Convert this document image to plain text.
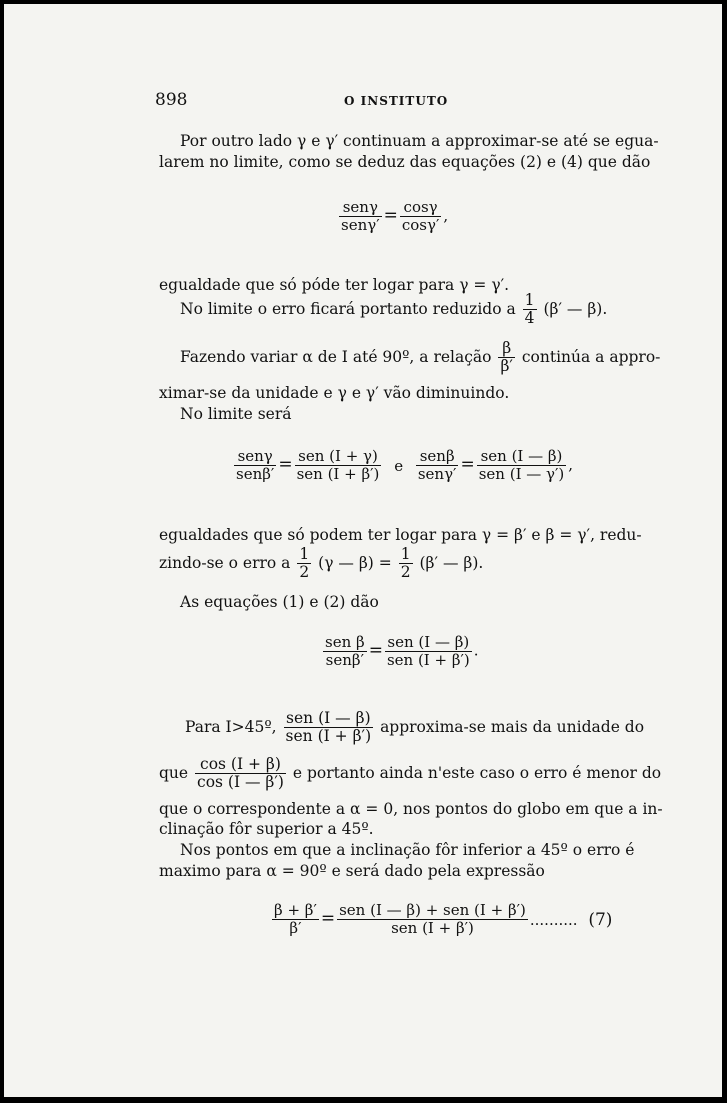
898	O INSTITUTO
Por outro lado γ e γ′ continuam a approximar-se até se egua-
larem no limite, como se deduz das equações (2) e (4) que dão
$\frac{\text{senγ}}{\text{senγ′}} = \frac{\cos\gamma}{\cos\gamma'}$ ,
egualdade que só póde ter logar para γ = γ′.
No limite o erro ficará portanto reduzido a $\frac{1}{4} (\beta'$ — β).
Fazendo variar α de I até 90º, a relação $\frac{\beta}{\beta'}$ continúa a appro-
ximar-se da unidade e γ e γ′ vão diminuindo.
No limite será
$\frac{\text{senγ}}{\text{senβ′}} = \frac{\text{sen (I + γ)}}{\text{sen (I + β′)}}$ e $\frac{\text{senβ}}{\text{senγ′}} = \frac{\text{sen (I — β)}}{\text{sen (I — γ′)}}$ ,
egualdades que só podem ter logar para γ = β′ e β = γ′, redu-
zindo-se o erro a $\frac{1}{2} (\gamma$ — $\beta) = \frac{1}{2} (\beta'$ — β).
As equações (1) e (2) dão
$\frac{\text{sen β}}{\text{senβ′}} = \frac{\text{sen (I — β)}}{\text{sen (I + β′)}}$ .
Para I>45º, $\frac{\text{sen (I — β)}}{\text{sen (I + β′)}}$ approxima-se mais da unidade do
que $\frac{\cos (I + \beta)}{\cos (I — \beta')}$ e portanto ainda n'este caso o erro é menor do
que o correspondente a α = 0, nos pontos do globo em que a in-
clinação fôr superior a 45º.
Nos pontos em que a inclinação fôr inferior a 45º o erro é
maximo para α = 90º e será dado pela expressão
$\frac{\beta + \beta'}{\beta'} = \frac{\text{sen (I — β) + sen (I + β′)}}{\text{sen (I + β′)}}$ .......... (7)
